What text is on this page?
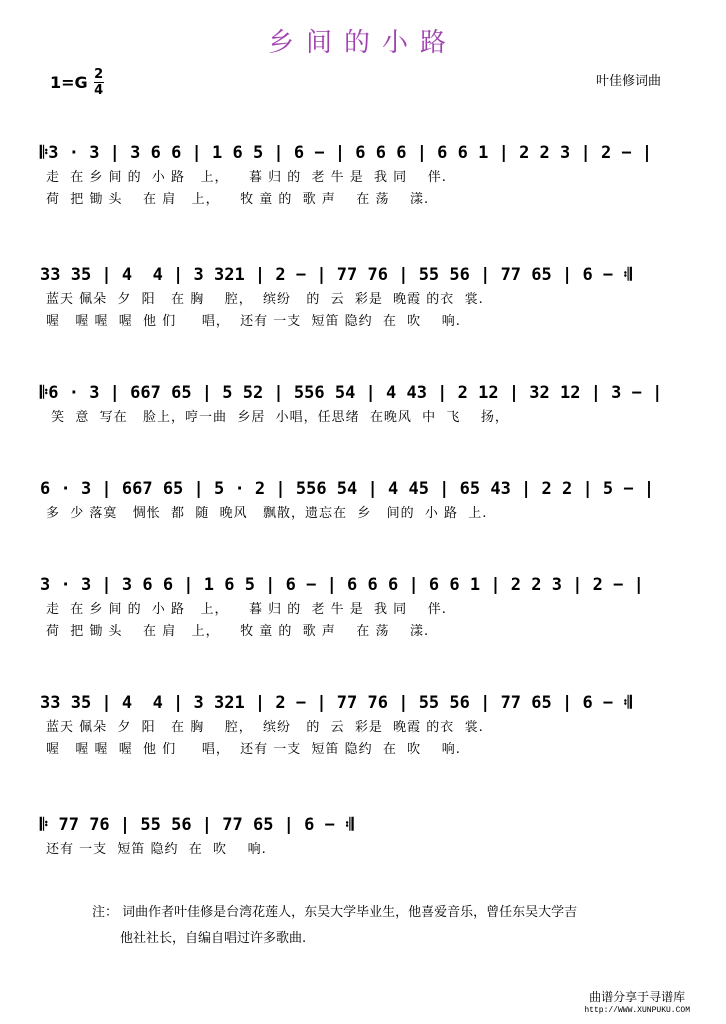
乡间的小路
1=G 2
4
叶佳修词曲
𝄆3 · 3 | 3 6 6 | 1 6 5 | 6 − | 6 6 6 | 6 6 1 | 2 2 3 | 2 − |
走  在 乡 间 的  小 路   上，    暮 归 的  老 牛 是  我 同    伴.
荷  把 锄 头    在 肩   上，    牧 童 的  歌 声    在 荡    漾.
33 35 | 4  4 | 3 321 | 2 − | 77 76 | 55 56 | 77 65 | 6 − 𝄇
蓝天 佩朵  夕  阳   在 胸    腔，  缤纷   的  云  彩是  晚霞 的衣  裳.
喔   喔 喔  喔  他 们     唱，  还有 一支  短笛 隐约  在  吹    响.
𝄆6 · 3 | 667 65 | 5 52 | 556 54 | 4 43 | 2 12 | 32 12 | 3 − |
笑  意  写在   脸上，哼一曲  乡居  小唱，任思绪  在晚风  中  飞    扬，
6 · 3 | 667 65 | 5 · 2 | 556 54 | 4 45 | 65 43 | 2 2 | 5 − |
多  少 落寞   惆怅  都  随  晚风   飘散，遗忘在  乡   间的  小 路  上.
3 · 3 | 3 6 6 | 1 6 5 | 6 − | 6 6 6 | 6 6 1 | 2 2 3 | 2 − |
走  在 乡 间 的  小 路   上，    暮 归 的  老 牛 是  我 同    伴.
荷  把 锄 头    在 肩   上，    牧 童 的  歌 声    在 荡    漾.
33 35 | 4  4 | 3 321 | 2 − | 77 76 | 55 56 | 77 65 | 6 − 𝄇
蓝天 佩朵  夕  阳   在 胸    腔，  缤纷   的  云  彩是  晚霞 的衣  裳.
喔   喔 喔  喔  他 们     唱，  还有 一支  短笛 隐约  在  吹    响.
𝄆 77 76 | 55 56 | 77 65 | 6 − 𝄇
还有 一支  短笛 隐约  在  吹    响.
注： 词曲作者叶佳修是台湾花莲人，东吴大学毕业生，他喜爱音乐，曾任东吴大学吉
他社社长，自编自唱过许多歌曲.
曲谱分享于寻谱库
http://WWW.XUNPUKU.COM
